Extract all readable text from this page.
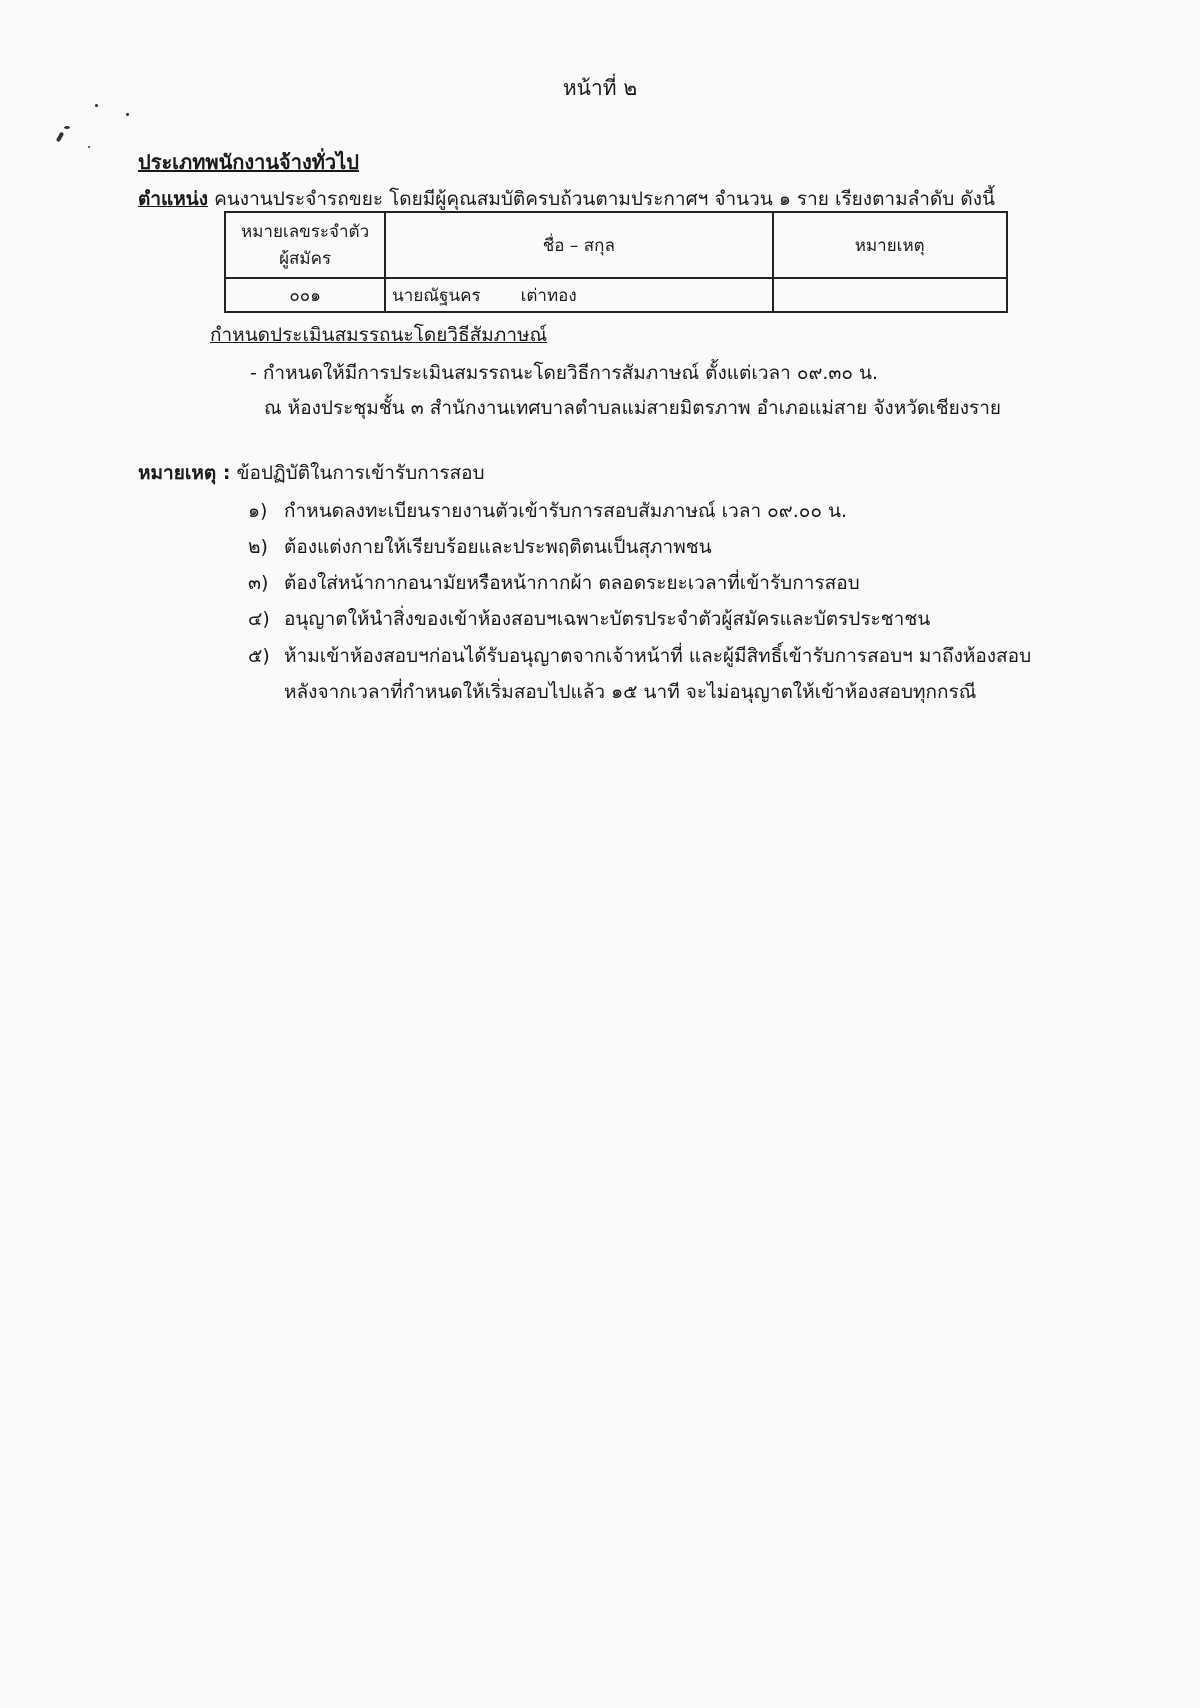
หน้าที่ ๒
ประเภทพนักงานจ้างทั่วไป
ตำแหน่ง คนงานประจำรถขยะ โดยมีผู้คุณสมบัติครบถ้วนตามประกาศฯ จำนวน ๑ ราย เรียงตามลำดับ ดังนี้
หมายเลขระจำตัว
ผู้สมัคร	ชื่อ – สกุล	หมายเหตุ
๐๐๑	นายณัฐนคร เต่าทอง	
กำหนดประเมินสมรรถนะโดยวิธีสัมภาษณ์
- กำหนดให้มีการประเมินสมรรถนะโดยวิธีการสัมภาษณ์ ตั้งแต่เวลา ๐๙.๓๐ น.
ณ ห้องประชุมชั้น ๓ สำนักงานเทศบาลตำบลแม่สายมิตรภาพ อำเภอแม่สาย จังหวัดเชียงราย
หมายเหตุ : ข้อปฏิบัติในการเข้ารับการสอบ
๑) กำหนดลงทะเบียนรายงานตัวเข้ารับการสอบสัมภาษณ์ เวลา ๐๙.๐๐ น.
๒) ต้องแต่งกายให้เรียบร้อยและประพฤติตนเป็นสุภาพชน
๓) ต้องใส่หน้ากากอนามัยหรือหน้ากากผ้า ตลอดระยะเวลาที่เข้ารับการสอบ
๔) อนุญาตให้นำสิ่งของเข้าห้องสอบฯเฉพาะบัตรประจำตัวผู้สมัครและบัตรประชาชน
๕) ห้ามเข้าห้องสอบฯก่อนได้รับอนุญาตจากเจ้าหน้าที่ และผู้มีสิทธิ์เข้ารับการสอบฯ มาถึงห้องสอบ
หลังจากเวลาที่กำหนดให้เริ่มสอบไปแล้ว ๑๕ นาที จะไม่อนุญาตให้เข้าห้องสอบทุกกรณี
